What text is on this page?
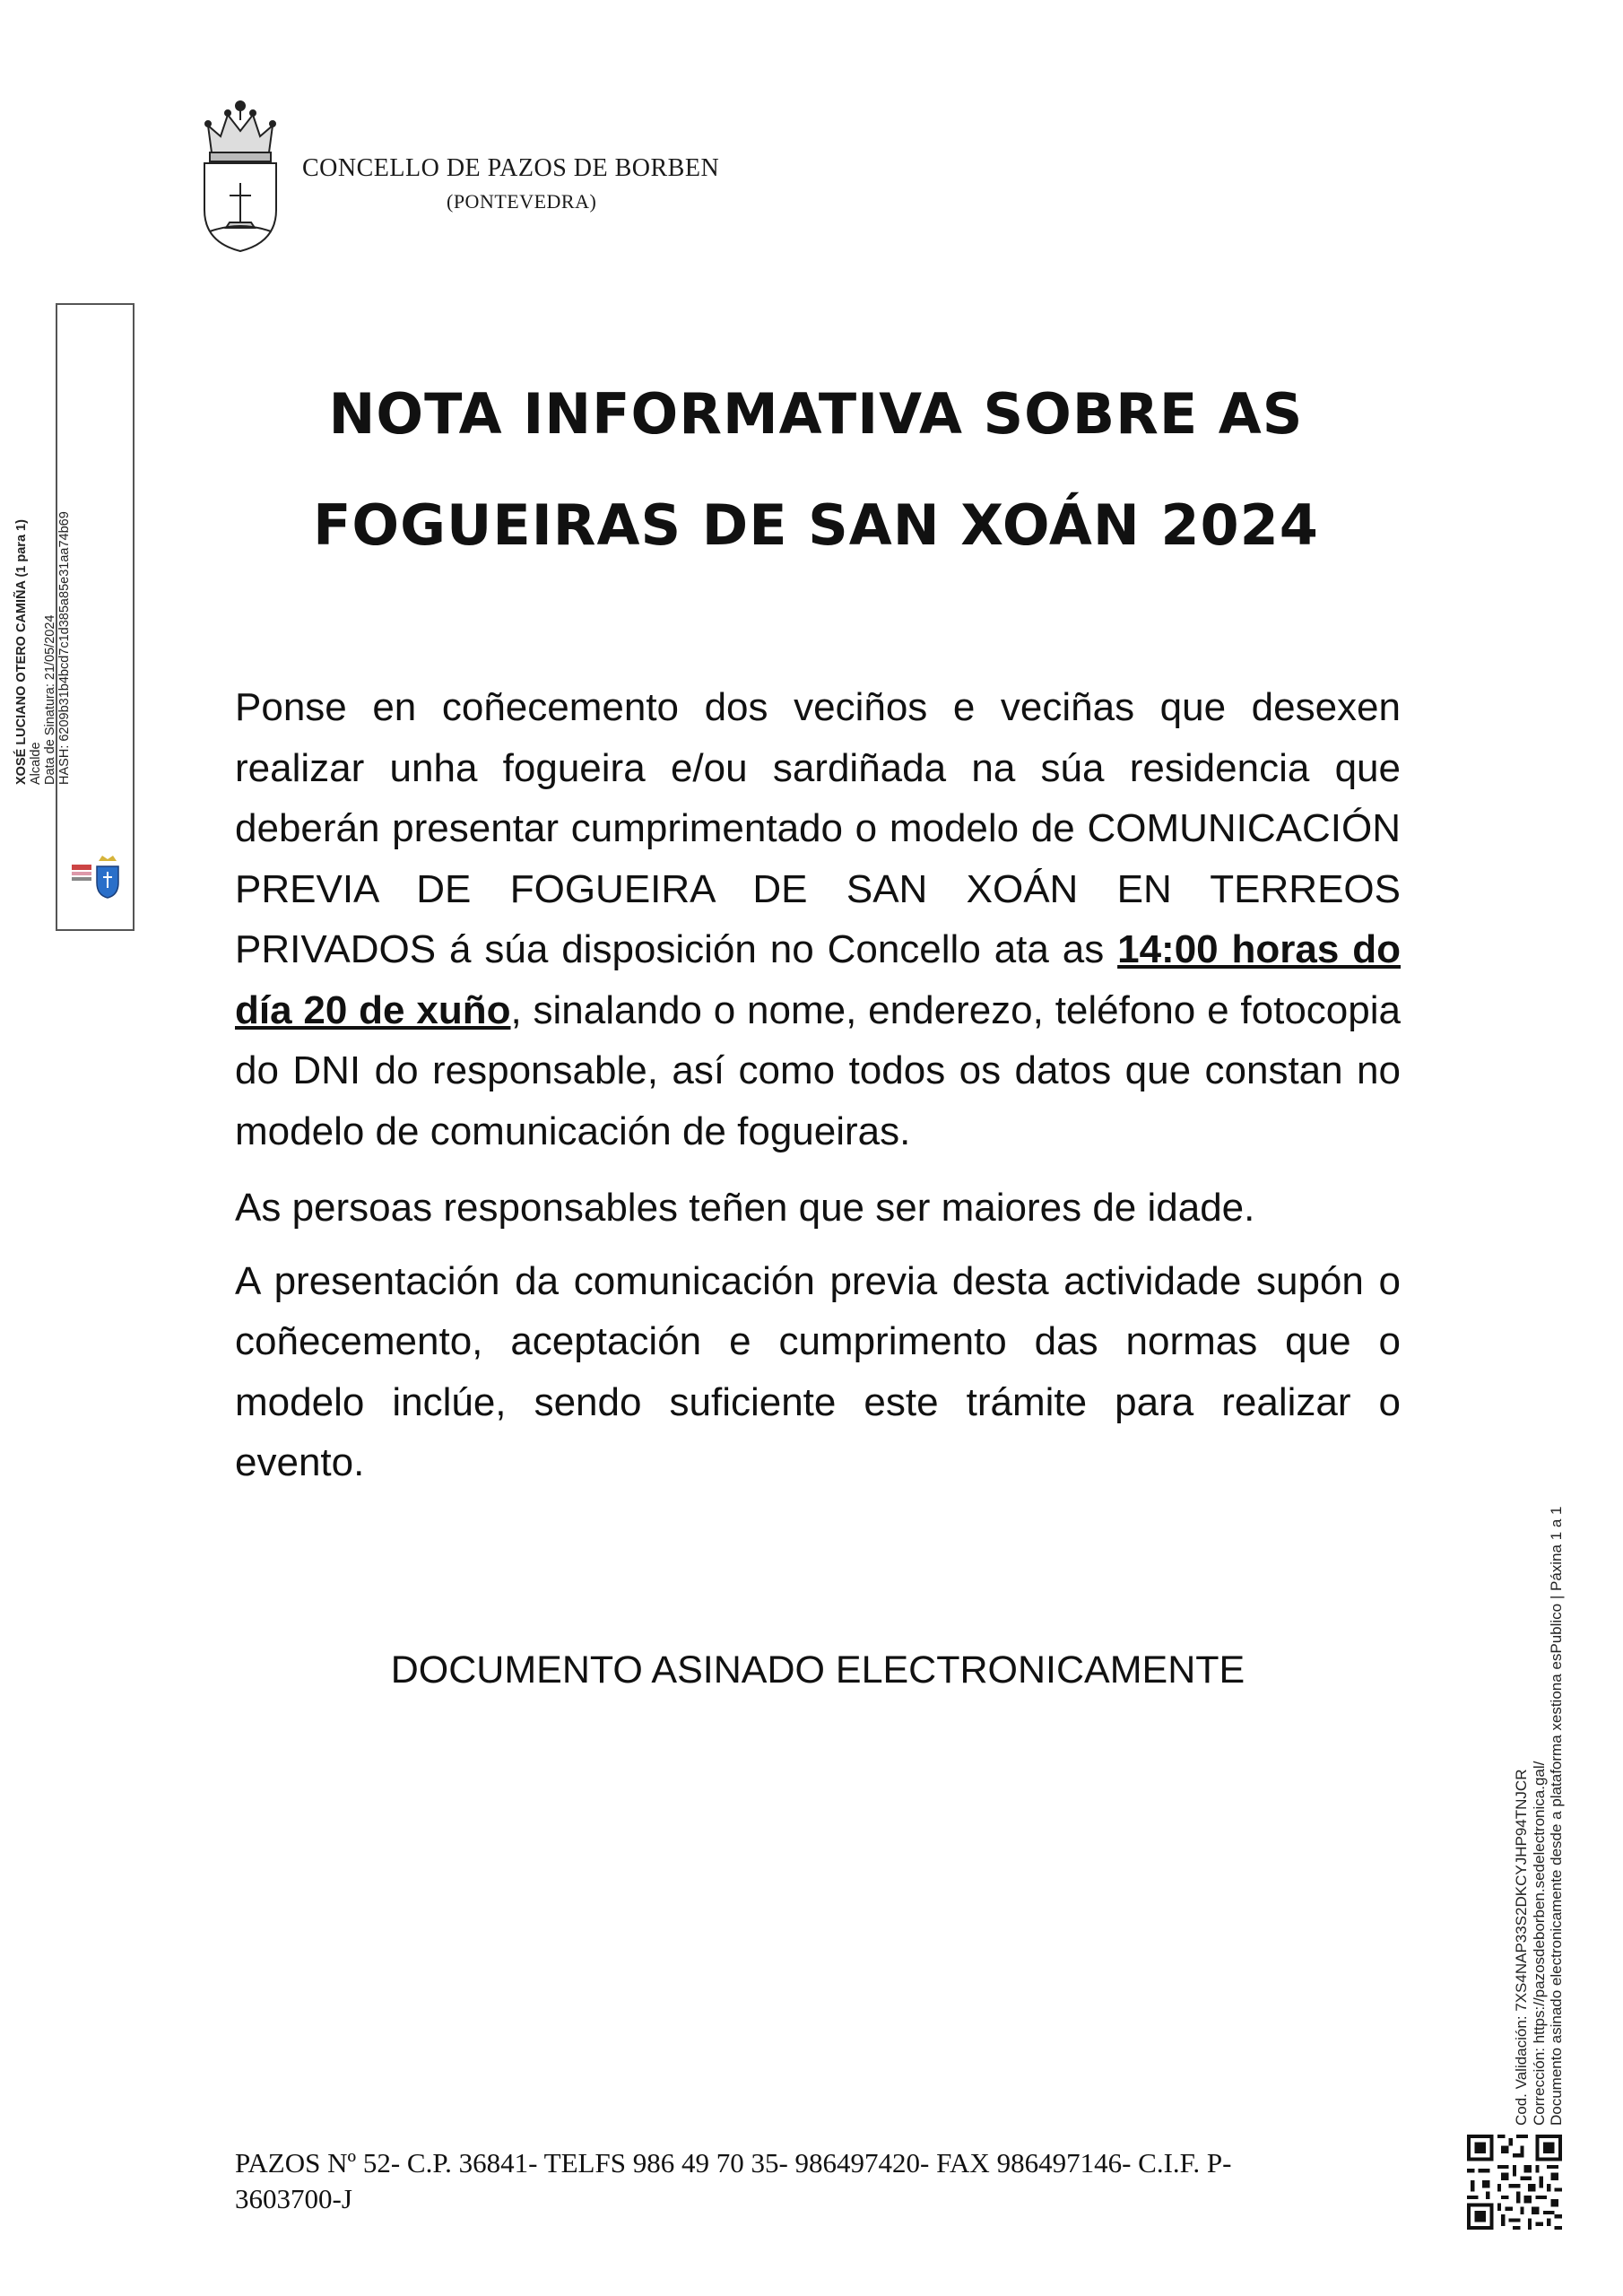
CONCELLO DE PAZOS DE BORBEN
(PONTEVEDRA)
XOSÉ LUCIANO OTERO CAMIÑA (1 para 1) Alcalde Data de Sinatura: 21/05/2024 HASH: 6209b31b4bcd7c1d385a85e31aa74b69
NOTA INFORMATIVA SOBRE AS
FOGUEIRAS DE SAN XOÁN 2024

Ponse en coñecemento dos veciños e veciñas que desexen realizar unha fogueira e/ou sardiñada na súa residencia que deberán presentar cumprimentado o modelo de COMUNICACIÓN PREVIA DE FOGUEIRA DE SAN XOÁN EN TERREOS PRIVADOS á súa disposición no Concello ata as 14:00 horas do día 20 de xuño, sinalando o nome, enderezo, teléfono e fotocopia do DNI do responsable, así como todos os datos que constan no modelo de comunicación de fogueiras.

As persoas responsables teñen que ser maiores de idade.

A presentación da comunicación previa desta actividade supón o coñecemento, aceptación e cumprimento das normas que o modelo inclúe, sendo suficiente este trámite para realizar o evento.

DOCUMENTO ASINADO ELECTRONICAMENTE
PAZOS Nº 52- C.P. 36841- TELFS 986 49 70 35- 986497420- FAX 986497146- C.I.F. P-3603700-J
Cod. Validación: 7XS4NAP33S2DKCYJHP94TNJCR Corrección: https://pazosdeborben.sedelectronica.gal/ Documento asinado electronicamente desde a plataforma xestiona esPublico | Páxina 1 a 1
